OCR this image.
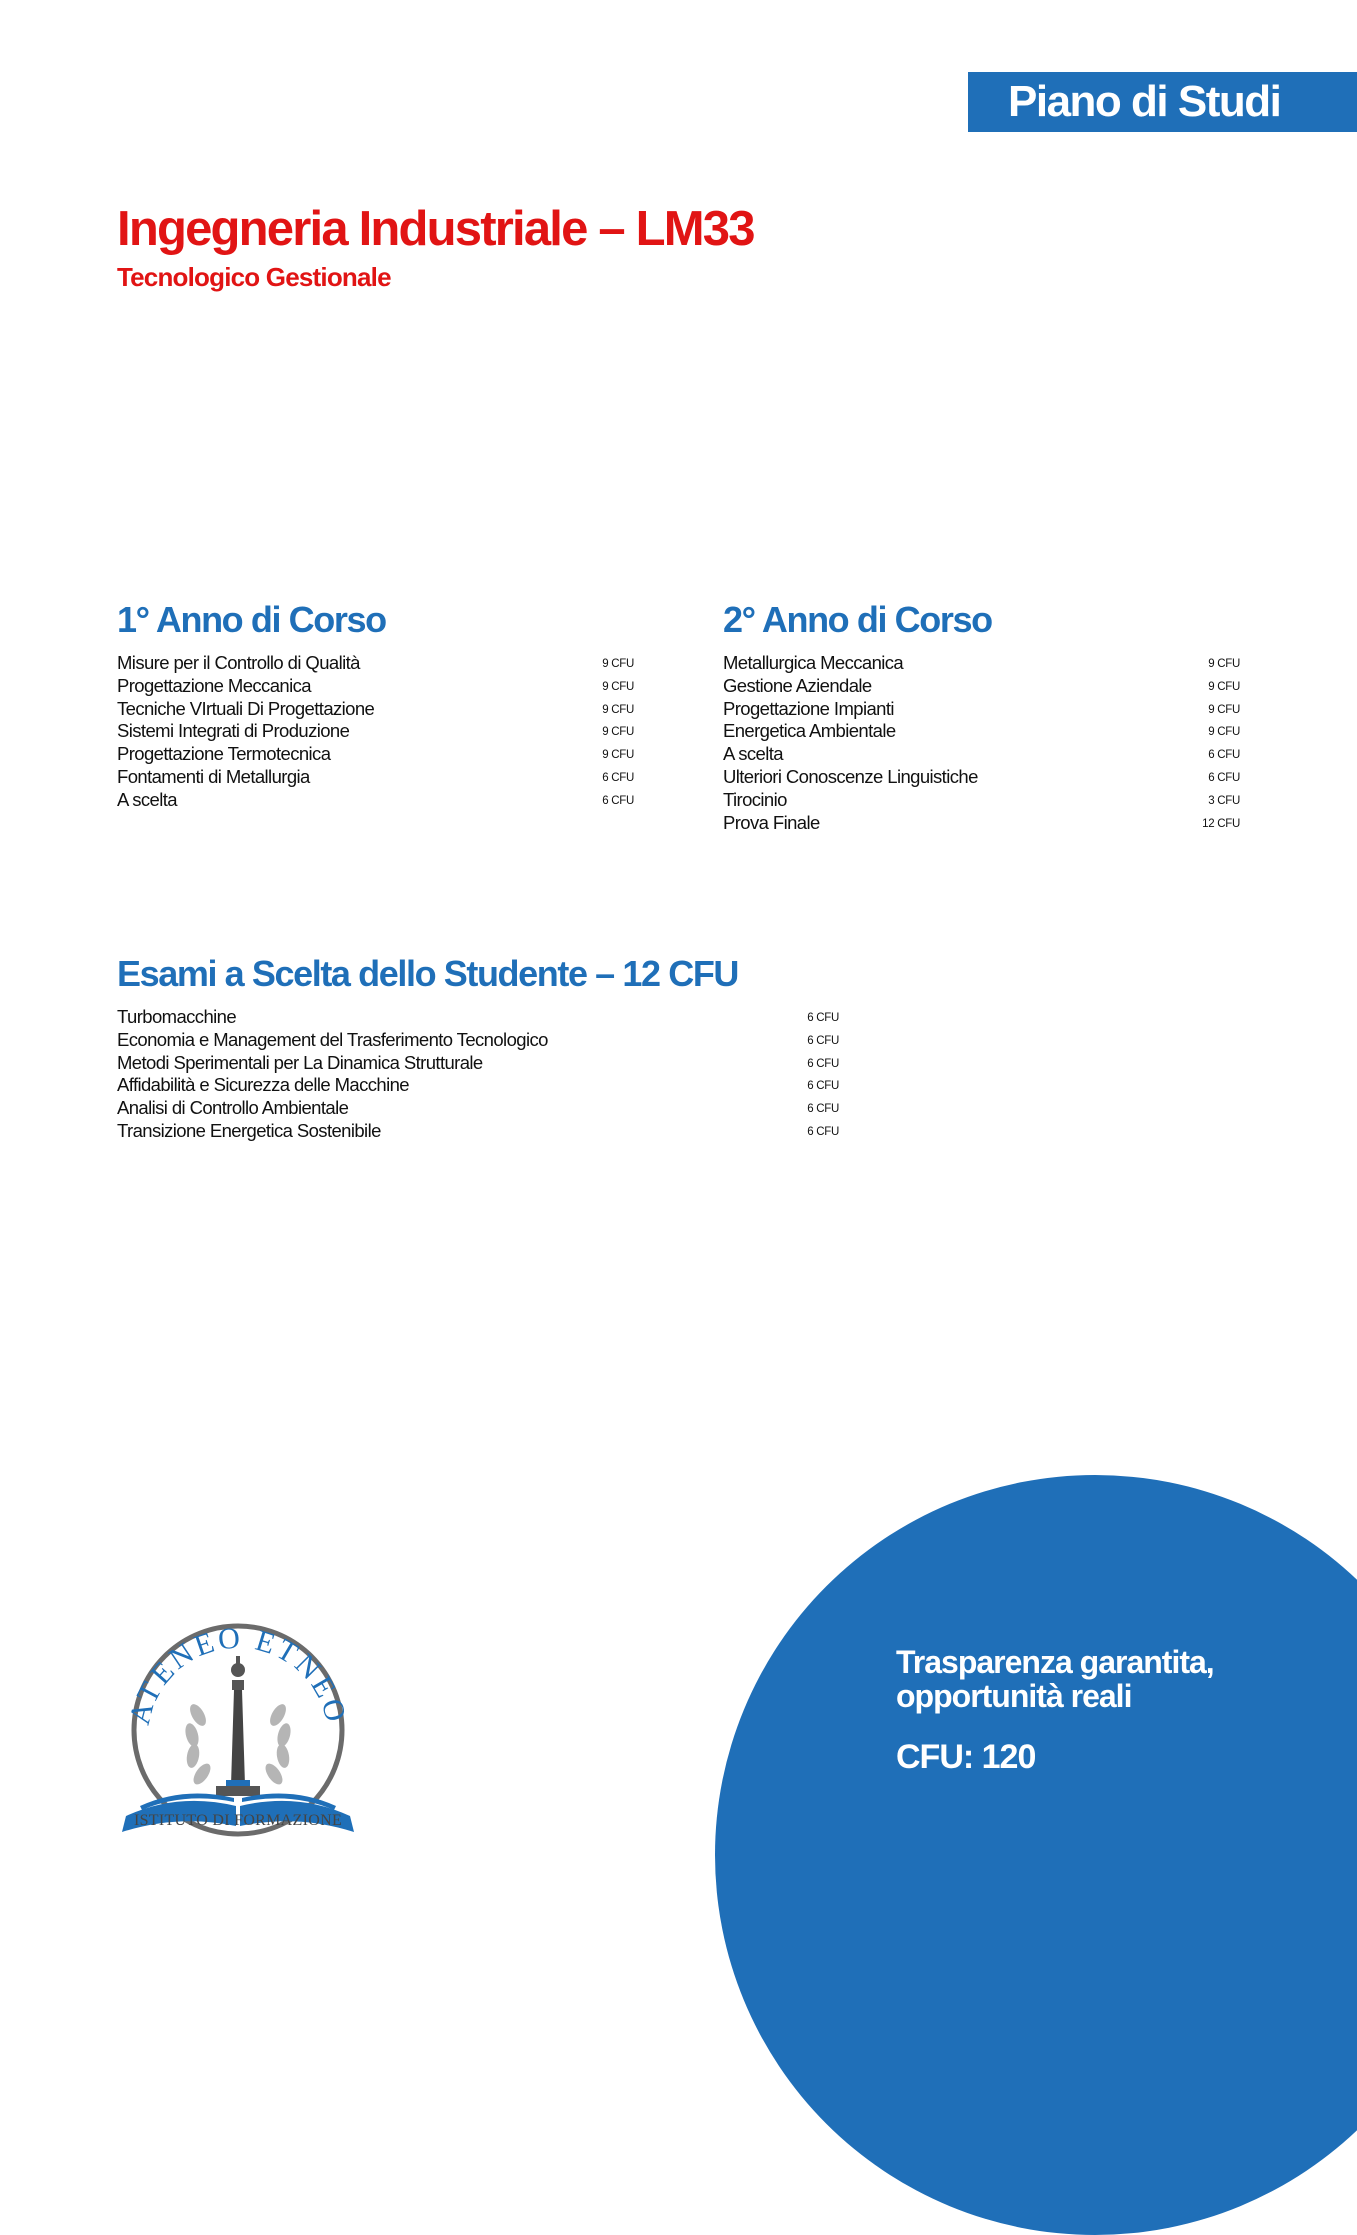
Piano di Studi
Ingegneria Industriale – LM33
Tecnologico Gestionale
1° Anno di Corso
Misure per il Controllo di Qualità	9 CFU
Progettazione Meccanica	9 CFU
Tecniche VIrtuali Di Progettazione	9 CFU
Sistemi Integrati di Produzione	9 CFU
Progettazione Termotecnica	9 CFU
Fontamenti di Metallurgia	6 CFU
A scelta	6 CFU
2° Anno di Corso
Metallurgica Meccanica	9 CFU
Gestione Aziendale	9 CFU
Progettazione Impianti	9 CFU
Energetica Ambientale	9 CFU
A scelta	6 CFU
Ulteriori Conoscenze Linguistiche	6 CFU
Tirocinio	3 CFU
Prova Finale	12 CFU
Esami a Scelta dello Studente – 12 CFU
Turbomacchine	6 CFU
Economia e Management del Trasferimento Tecnologico	6 CFU
Metodi Sperimentali per La Dinamica Strutturale	6 CFU
Affidabilità e Sicurezza delle Macchine	6 CFU
Analisi di Controllo Ambientale	6 CFU
Transizione Energetica Sostenibile	6 CFU

Trasparenza garantita,
opportunità reali

CFU: 120

ATENEO ETNEO
ISTITUTO DI FORMAZIONE
